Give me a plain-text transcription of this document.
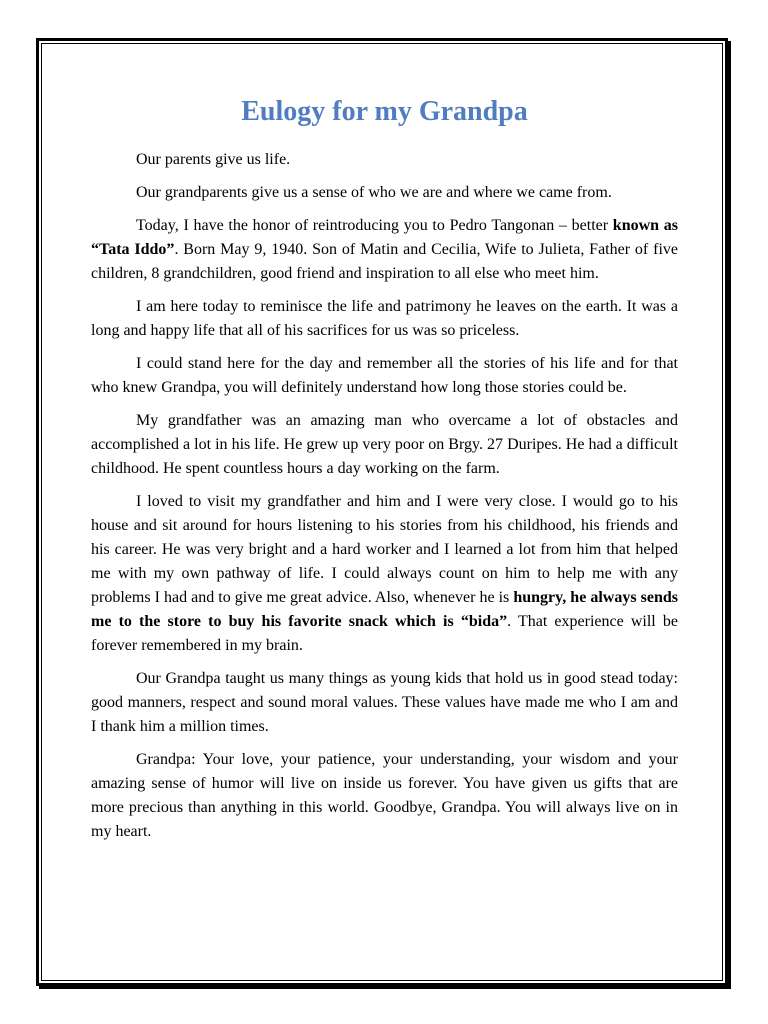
Eulogy for my Grandpa

Our parents give us life.

Our grandparents give us a sense of who we are and where we came from.

Today, I have the honor of reintroducing you to Pedro Tangonan – better known as “Tata Iddo”. Born May 9, 1940. Son of Matin and Cecilia, Wife to Julieta, Father of five children, 8 grandchildren, good friend and inspiration to all else who meet him.

I am here today to reminisce the life and patrimony he leaves on the earth. It was a long and happy life that all of his sacrifices for us was so priceless.

I could stand here for the day and remember all the stories of his life and for that who knew Grandpa, you will definitely understand how long those stories could be.

My grandfather was an amazing man who overcame a lot of obstacles and accomplished a lot in his life. He grew up very poor on Brgy. 27 Duripes. He had a difficult childhood. He spent countless hours a day working on the farm.

I loved to visit my grandfather and him and I were very close. I would go to his house and sit around for hours listening to his stories from his childhood, his friends and his career. He was very bright and a hard worker and I learned a lot from him that helped me with my own pathway of life. I could always count on him to help me with any problems I had and to give me great advice. Also, whenever he is hungry, he always sends me to the store to buy his favorite snack which is “bida”. That experience will be forever remembered in my brain.

Our Grandpa taught us many things as young kids that hold us in good stead today: good manners, respect and sound moral values. These values have made me who I am and I thank him a million times.

Grandpa: Your love, your patience, your understanding, your wisdom and your amazing sense of humor will live on inside us forever. You have given us gifts that are more precious than anything in this world. Goodbye, Grandpa. You will always live on in my heart.
